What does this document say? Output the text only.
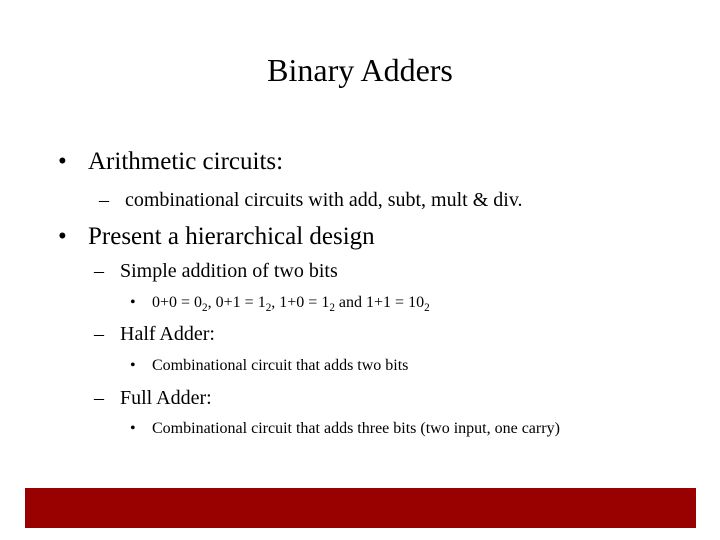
Binary Adders
• Arithmetic circuits:
– combinational circuits with add, subt, mult & div.
• Present a hierarchical design
– Simple addition of two bits
• $0+0 = 0_2$, $0+1 = 1_2$, $1+0 = 1_2$ and $1+1 = 10_2$
– Half Adder:
• Combinational circuit that adds two bits
– Full Adder:
• Combinational circuit that adds three bits (two input, one carry)
